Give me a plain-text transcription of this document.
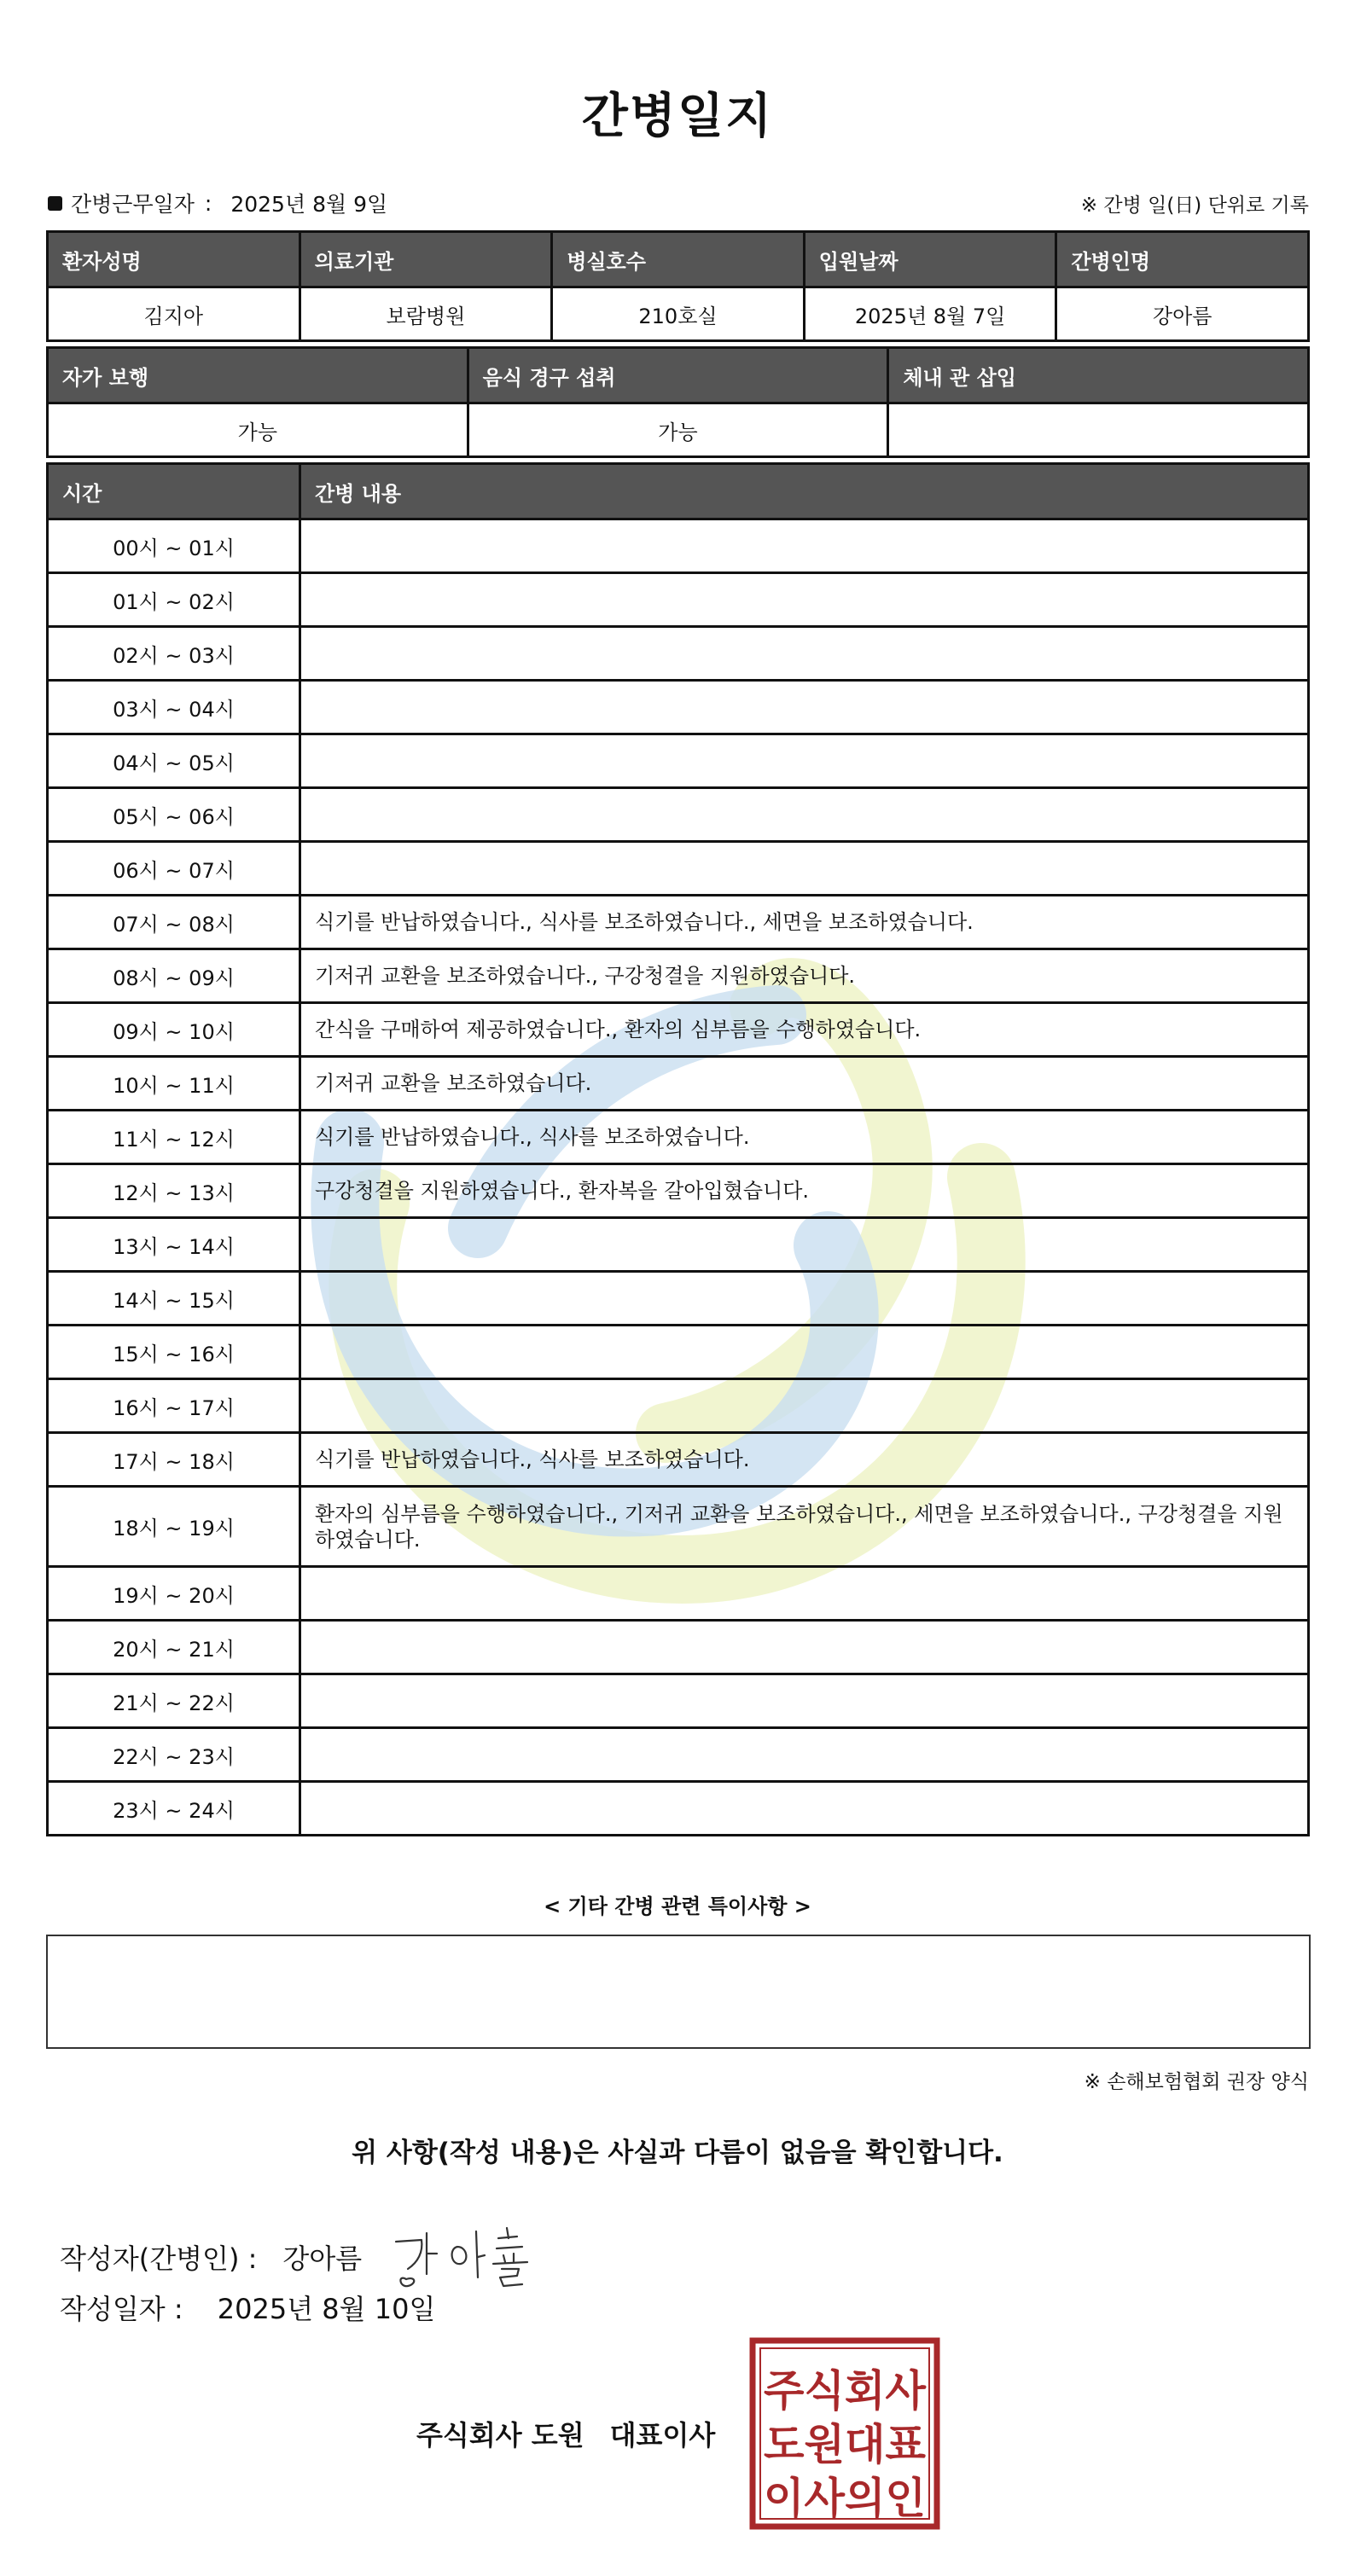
간병일지
간병근무일자 : 2025년 8월 9일	※ 간병 일(日) 단위로 기록
환자성명	의료기관	병실호수	입원날짜	간병인명
김지아	보람병원	210호실	2025년 8월 7일	강아름
자가 보행	음식 경구 섭취	체내 관 삽입
가능	가능	
시간	간병 내용
00시 ~ 01시	
01시 ~ 02시	
02시 ~ 03시	
03시 ~ 04시	
04시 ~ 05시	
05시 ~ 06시	
06시 ~ 07시	
07시 ~ 08시	식기를 반납하였습니다., 식사를 보조하였습니다., 세면을 보조하였습니다.
08시 ~ 09시	기저귀 교환을 보조하였습니다., 구강청결을 지원하였습니다.
09시 ~ 10시	간식을 구매하여 제공하였습니다., 환자의 심부름을 수행하였습니다.
10시 ~ 11시	기저귀 교환을 보조하였습니다.
11시 ~ 12시	식기를 반납하였습니다., 식사를 보조하였습니다.
12시 ~ 13시	구강청결을 지원하였습니다., 환자복을 갈아입혔습니다.
13시 ~ 14시	
14시 ~ 15시	
15시 ~ 16시	
16시 ~ 17시	
17시 ~ 18시	식기를 반납하였습니다., 식사를 보조하였습니다.
18시 ~ 19시	환자의 심부름을 수행하였습니다., 기저귀 교환을 보조하였습니다., 세면을 보조하였습니다., 구강청결을 지원하였습니다.
19시 ~ 20시	
20시 ~ 21시	
21시 ~ 22시	
22시 ~ 23시	
23시 ~ 24시	
< 기타 간병 관련 특이사항 >
※ 손해보험협회 권장 양식
위 사항(작성 내용)은 사실과 다름이 없음을 확인합니다.
작성자(간병인) : 강아름
작성일자 : 2025년 8월 10일
주식회사 도원 대표이사
주식회사
도원대표
이사의인
